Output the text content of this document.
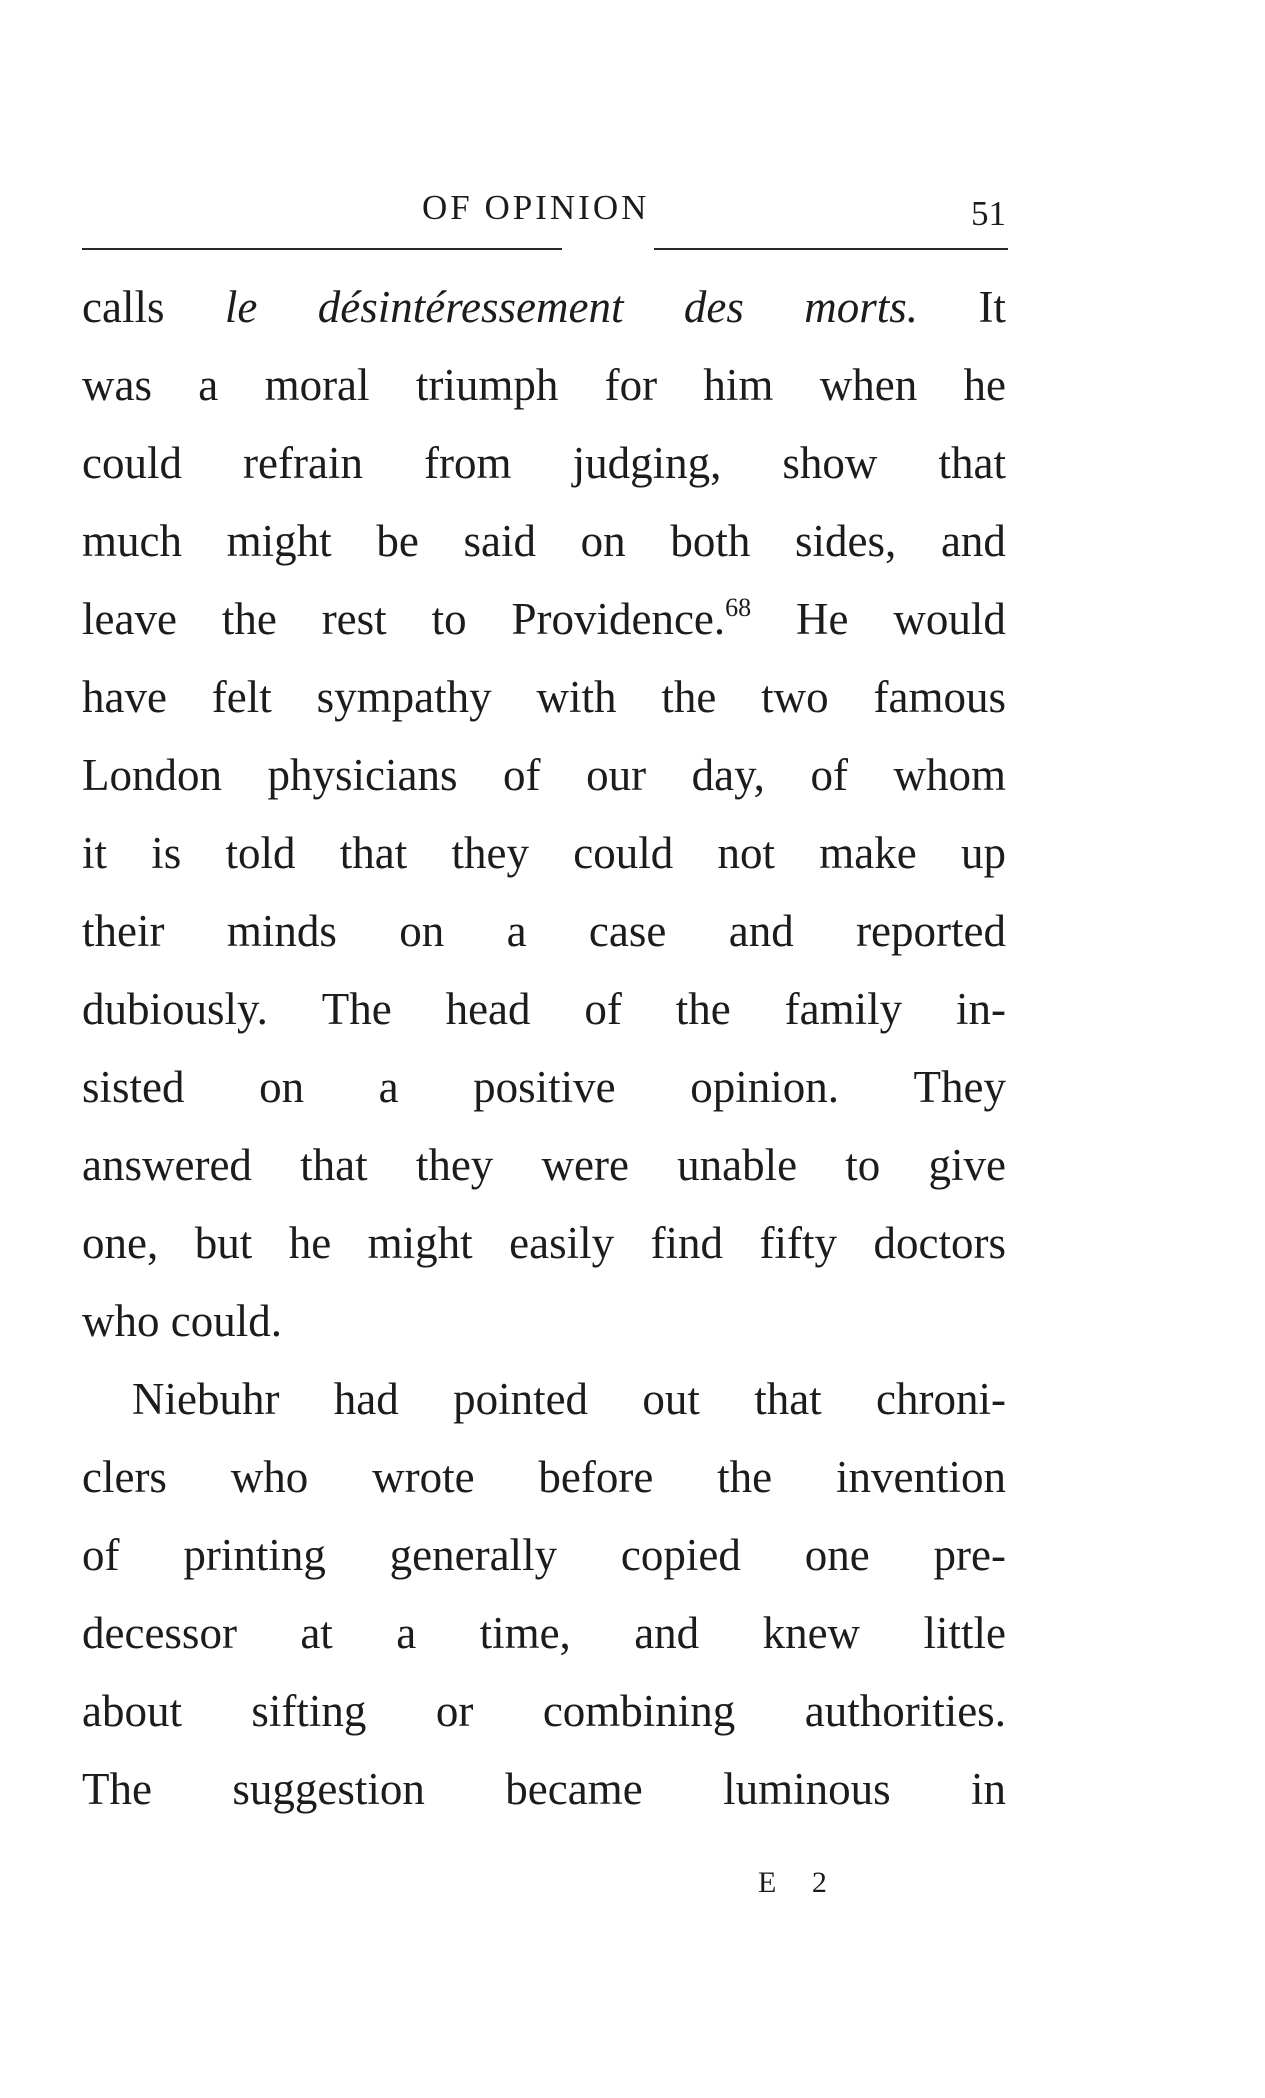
OF OPINION	51
calls le désintéressement des morts. It
was a moral triumph for him when he
could refrain from judging, show that
much might be said on both sides, and
leave the rest to Providence.$^{68}$ He would
have felt sympathy with the two famous
London physicians of our day, of whom
it is told that they could not make up
their minds on a case and reported
dubiously. The head of the family in-
sisted on a positive opinion. They
answered that they were unable to give
one, but he might easily find fifty doctors
who could.
Niebuhr had pointed out that chroni-
clers who wrote before the invention
of printing generally copied one pre-
decessor at a time, and knew little
about sifting or combining authorities.
The suggestion became luminous in
E 2
